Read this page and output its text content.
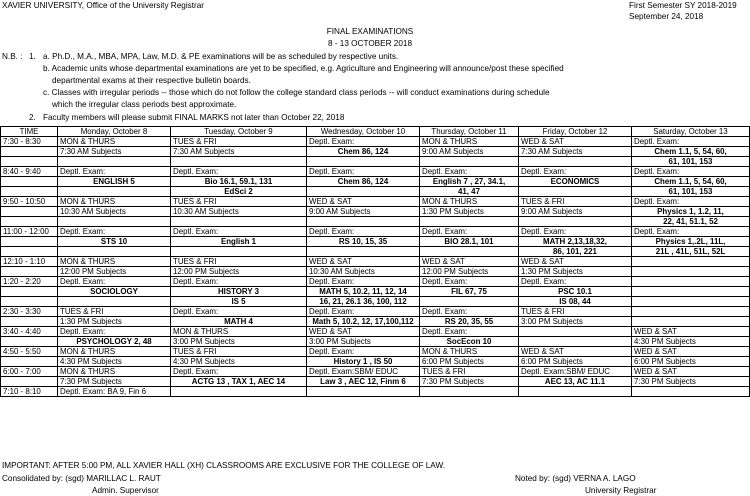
XAVIER UNIVERSITY, Office of the University Registrar	First Semester SY 2018-2019
September 24, 2018
FINAL EXAMINATIONS
8 - 13 OCTOBER 2018
N.B. : 1. a. Ph.D., M.A., MBA, MPA, Law, M.D. & PE examinations will be as scheduled by respective units.
b. Academic units whose departmental examinations are yet to be specified, e.g. Agriculture and Engineering will announce/post these specified
departmental exams at their respective bulletin boards.
c. Classes with irregular periods -- those which do not follow the college standard class periods -- will conduct examinations during schedule
which the irregular class periods best approximate.
2. Faculty members will please submit FINAL MARKS not later than October 22, 2018
TIME	Monday, October 8	Tuesday, October 9	Wednesday, October 10	Thursday, October 11	Friday, October 12	Saturday, October 13
7:30 - 8:30	MON & THURS	TUES & FRI	Deptl. Exam:	MON & THURS	WED & SAT	Deptl. Exam:
	7:30 AM Subjects	7:30 AM Subjects	Chem 86, 124	9:00 AM Subjects	7:30 AM Subjects	Chem 1.1, 5, 54, 60,
						61, 101, 153
8:40 - 9:40	Deptl. Exam:	Deptl. Exam:	Deptl. Exam:	Deptl. Exam:	Deptl. Exam:	Deptl. Exam:
	ENGLISH 5	Bio 16.1, 59.1, 131	Chem 86, 124	English 7 , 27, 34.1,	ECONOMICS	Chem 1.1, 5, 54, 60,
		EdSci 2		41, 47		61, 101, 153
9:50 - 10:50	MON & THURS	TUES & FRI	WED & SAT	MON & THURS	TUES & FRI	Deptl. Exam:
	10:30 AM Subjects	10:30 AM Subjects	9:00 AM Subjects	1:30 PM Subjects	9:00 AM Subjects	Physics 1, 1.2, 11,
						22, 41, 51.1, 52
11:00 - 12:00	Deptl. Exam:	Deptl. Exam:	Deptl. Exam:	Deptl. Exam:	Deptl. Exam:	Deptl. Exam:
	STS 10	English 1	RS 10, 15, 35	BIO 28.1, 101	MATH 2,13,18,32,	Physics 1,.2L, 11L,
					86, 101, 221	21L , 41L, 51L, 52L
12:10 - 1:10	MON & THURS	TUES & FRI	WED & SAT	WED & SAT	WED & SAT	
	12:00 PM Subjects	12:00 PM Subjects	10:30 AM Subjects	12:00 PM Subjects	1:30 PM Subjects	
1:20 - 2:20	Deptl. Exam:	Deptl. Exam:	Deptl. Exam:	Deptl. Exam:	Deptl. Exam:	
	SOCIOLOGY	HISTORY 3	MATH 5, 10.2, 11, 12, 14	FIL 67, 75	PSC 10.1	
		IS 5	16, 21, 26.1 36, 100, 112		IS 08, 44	
2:30 - 3:30	TUES & FRI	Deptl. Exam:	Deptl. Exam:	Deptl. Exam:	TUES & FRI	
	1:30 PM Subjects	MATH 4	Math 5, 10.2, 12, 17,100,112	RS 20, 35, 55	3:00 PM Subjects	
3:40 - 4:40	Deptl. Exam:	MON & THURS	WED & SAT	Deptl. Exam:		WED & SAT
	PSYCHOLOGY 2, 48	3:00 PM Subjects	3:00 PM Subjects	SocEcon 10		4:30 PM Subjects
4:50 - 5:50	MON & THURS	TUES & FRI	Deptl. Exam:	MON & THURS	WED & SAT	WED & SAT
	4:30 PM Subjects	4:30 PM Subjects	History 1 , IS 50	6:00 PM Subjects	6:00 PM Subjects	6:00 PM Subjects
6:00 - 7:00	MON & THURS	Deptl. Exam:	Deptl. Exam:SBM/ EDUC	TUES & FRI	Deptl. Exam:SBM/ EDUC	WED & SAT
	7:30 PM Subjects	ACTG 13 , TAX 1, AEC 14	Law 3 , AEC 12, Finm 6	7:30 PM Subjects	AEC 13, AC 11.1	7:30 PM Subjects
7:10 - 8:10	Deptl. Exam: BA 9, Fin 6					
IMPORTANT: AFTER 5:00 PM, ALL XAVIER HALL (XH) CLASSROOMS ARE EXCLUSIVE FOR THE COLLEGE OF LAW.
Consolidated by: (sgd) MARILLAC L. RAUT
Admin. Supervisor
Noted by: (sgd) VERNA A. LAGO
University Registrar
